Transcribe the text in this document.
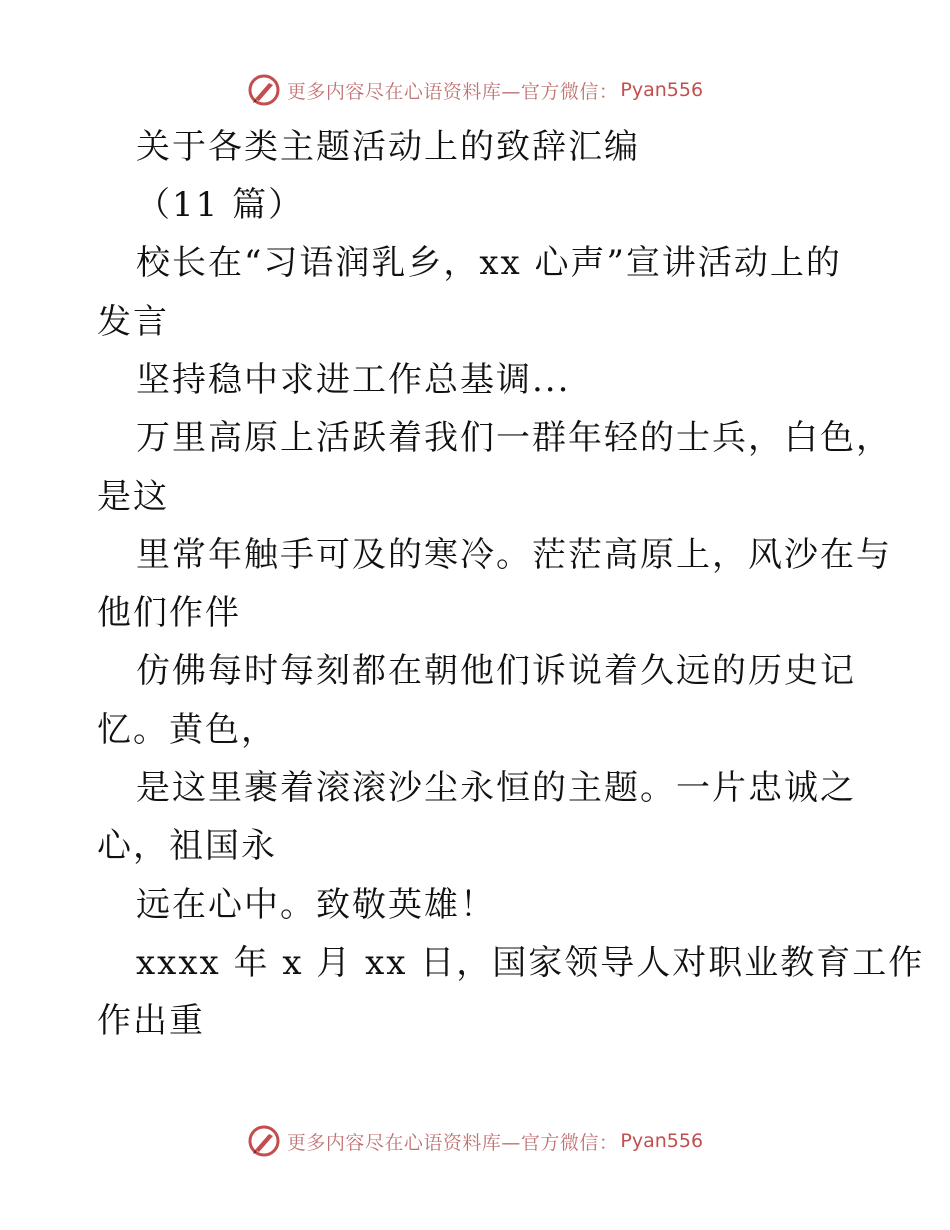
更多内容尽在心语资料库—官方微信： Pyan556
关于各类主题活动上的致辞汇编
（11 篇）
校长在“习语润乳乡，xx 心声”宣讲活动上的
发言
坚持稳中求进工作总基调...
万里高原上活跃着我们一群年轻的士兵，白色，
是这
里常年触手可及的寒冷。茫茫高原上，风沙在与
他们作伴
仿佛每时每刻都在朝他们诉说着久远的历史记
忆。黄色，
是这里裹着滚滚沙尘永恒的主题。一片忠诚之
心，祖国永
远在心中。致敬英雄！
xxxx 年 x 月 xx 日，国家领导人对职业教育工作
作出重
更多内容尽在心语资料库—官方微信： Pyan556
